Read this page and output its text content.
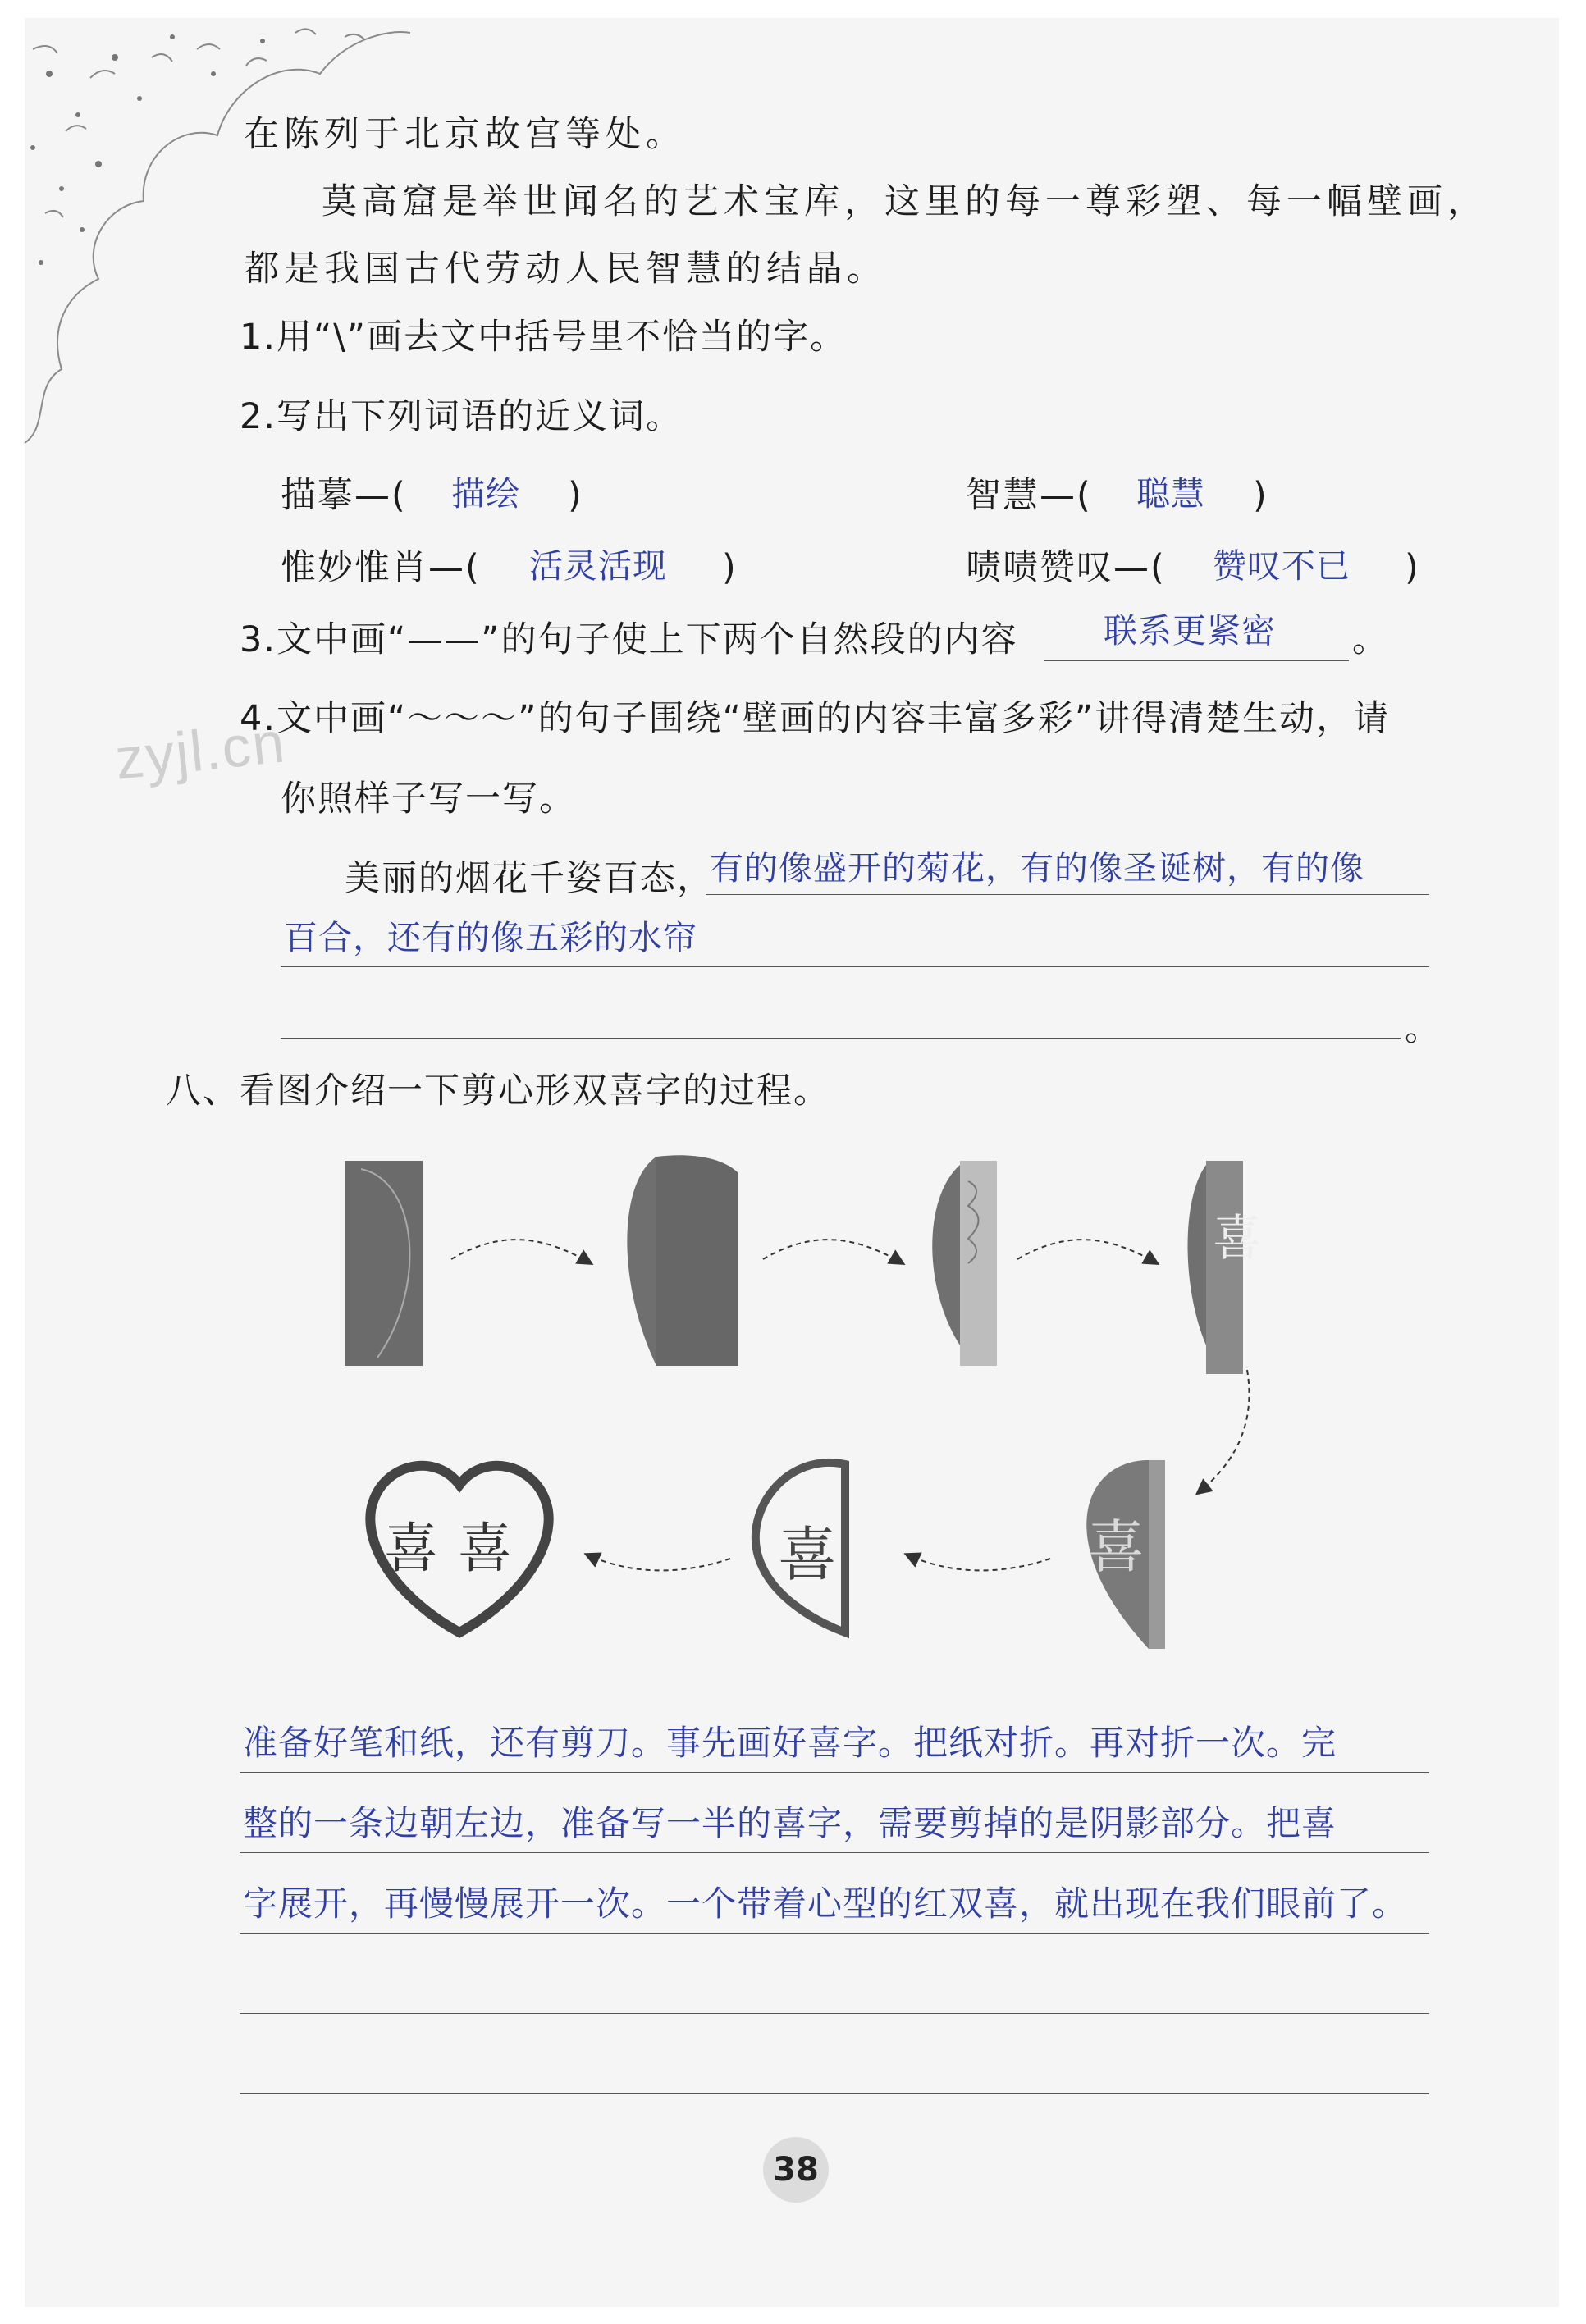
zyjl.cn
在陈列于北京故宫等处。
莫高窟是举世闻名的艺术宝库，这里的每一尊彩塑、每一幅壁画，
都是我国古代劳动人民智慧的结晶。
1.用“\”画去文中括号里不恰当的字。
2.写出下列词语的近义词。
描摹—( 描绘 )	智慧—( 聪慧 )
惟妙惟肖—( 活灵活现 )	啧啧赞叹—( 赞叹不已 )
3.文中画“——”的句子使上下两个自然段的内容	联系更紧密 。
4.文中画“～～～”的句子围绕“壁画的内容丰富多彩”讲得清楚生动，请
你照样子写一写。
美丽的烟花千姿百态，
有的像盛开的菊花，有的像圣诞树，有的像
百合，还有的像五彩的水帘
。
八、看图介绍一下剪心形双喜字的过程。
喜
喜
喜
喜 喜
准备好笔和纸，还有剪刀。事先画好喜字。把纸对折。再对折一次。完
整的一条边朝左边，准备写一半的喜字，需要剪掉的是阴影部分。把喜
字展开，再慢慢展开一次。一个带着心型的红双喜，就出现在我们眼前了。
38
